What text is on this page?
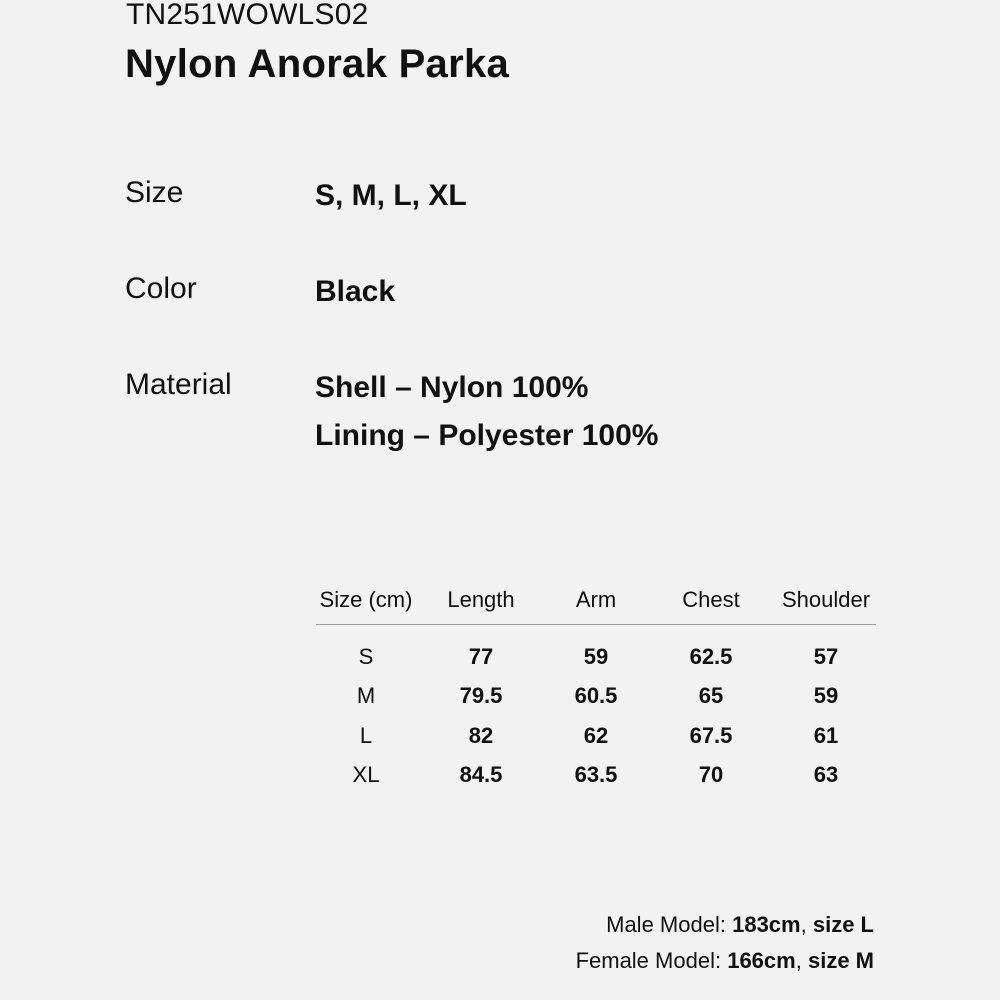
TN251WOWLS02
Nylon Anorak Parka
Size	S, M, L, XL
Color	Black
Material	Shell – Nylon 100%
Lining – Polyester 100%
Size (cm)	Length	Arm	Chest	Shoulder
S	77	59	62.5	57
M	79.5	60.5	65	59
L	82	62	67.5	61
XL	84.5	63.5	70	63
Male Model: 183cm, size L
Female Model: 166cm, size M
